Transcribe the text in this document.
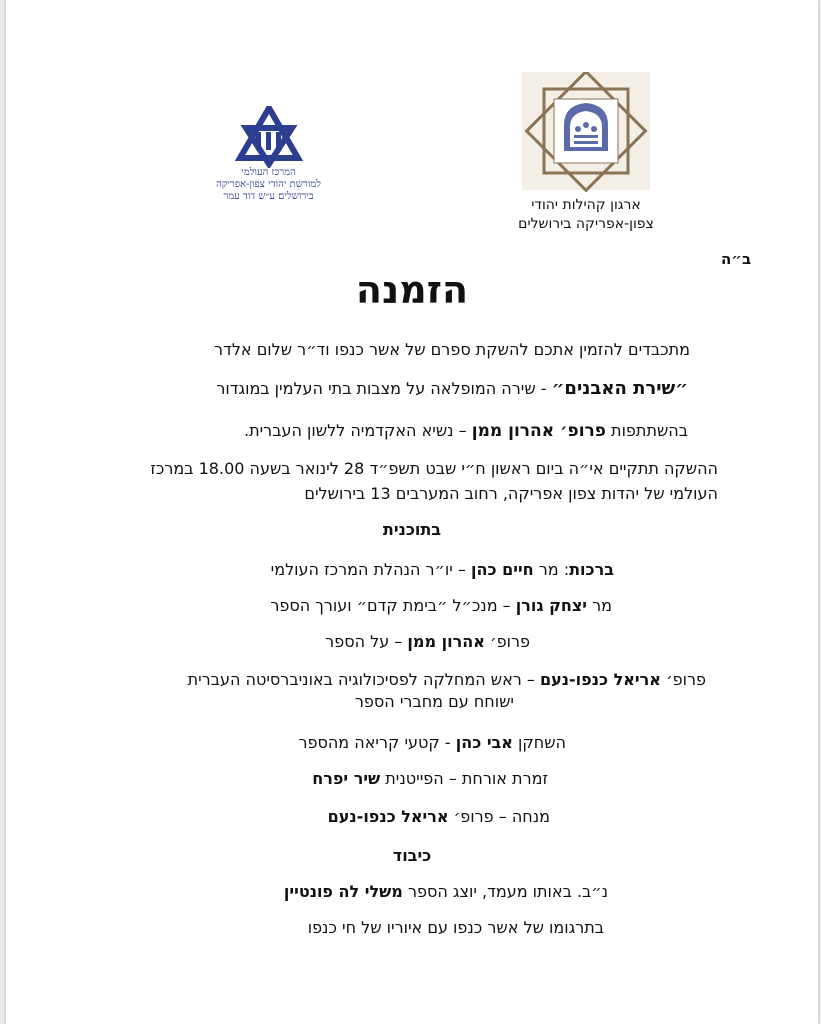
ארגון קהילות יהודי
צפון-אפריקה בירושלים
המרכז העולמי
למורשת יהודי צפון-אפריקה
בירושלים ע״ש דוד עמר
ב״ה
הזמנה
מתכבדים להזמין אתכם להשקת ספרם של אשר כנפו וד״ר שלום אלדר
״שירת האבנים״ - שירה המופלאה על מצבות בתי העלמין במוגדור
בהשתתפות פרופ׳ אהרון ממן – נשיא האקדמיה ללשון העברית.
ההשקה תתקיים אי״ה ביום ראשון ח״י שבט תשפ״ד 28 לינואר בשעה 18.00 במרכז
העולמי של יהדות צפון אפריקה, רחוב המערבים 13 בירושלים
בתוכנית
ברכות: מר חיים כהן – יו״ר הנהלת המרכז העולמי
מר יצחק גורן – מנכ״ל ״בימת קדם״ ועורך הספר
פרופ׳ אהרון ממן – על הספר
פרופ׳ אריאל כנפו-נעם – ראש המחלקה לפסיכולוגיה באוניברסיטה העברית
ישוחח עם מחברי הספר
השחקן אבי כהן - קטעי קריאה מהספר
זמרת אורחת – הפייטנית שיר יפרח
מנחה – פרופ׳ אריאל כנפו-נעם
כיבוד
נ״ב. באותו מעמד, יוצג הספר משלי לה פונטיין
בתרגומו של אשר כנפו עם איוריו של חי כנפו
